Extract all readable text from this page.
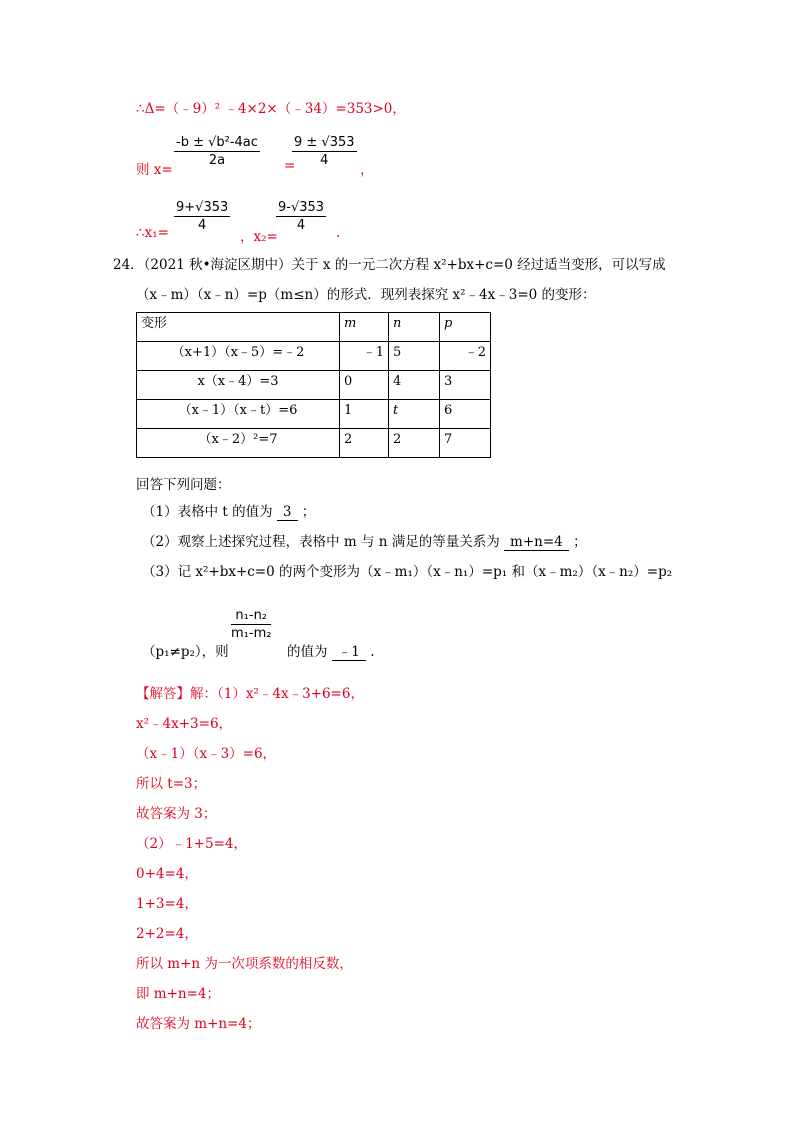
∴Δ=（﹣9）² ﹣4×2×（﹣34）=353>0，
则 x=
$\frac{\text{-b ± √b²-4ac}}{2a}$ =
$\frac{9 \pm √353}{4}$
，
∴x₁= $\frac{9+√353}{4}$
，x₂=
$\frac{9-√353}{4}$ .
24．（2021 秋•海淀区期中）关于 x 的一元二次方程 x²+bx+c=0 经过适当变形，可以写成
（x﹣m）（x﹣n）=p（m≤n）的形式．现列表探究 x²﹣4x﹣3=0 的变形：
变形	m	n	p
（x+1）（x﹣5）=﹣2	﹣1	5	﹣2
x（x﹣4）=3	0	4	3
（x﹣1）（x﹣t）=6	1	t	6
（x﹣2）²=7	2	2	7
回答下列问题：
（1）表格中 t 的值为 3 ；
（2）观察上述探究过程，表格中 m 与 n 满足的等量关系为 m+n=4 ；
（3）记 x²+bx+c=0 的两个变形为（x﹣m₁）（x﹣n₁）=p₁ 和（x﹣m₂）（x﹣n₂）=p₂
（p₁≠p₂），则
$\frac{\text{n₁-n₂}}{\text{m₁-m₂}}$
的值为 ﹣1 .
【解答】解：（1）x²﹣4x﹣3+6=6，
x²﹣4x+3=6，
（x﹣1）（x﹣3）=6，
所以 t=3；
故答案为 3；
（2）﹣1+5=4，
0+4=4，
1+3=4，
2+2=4，
所以 m+n 为一次项系数的相反数，
即 m+n=4；
故答案为 m+n=4；
